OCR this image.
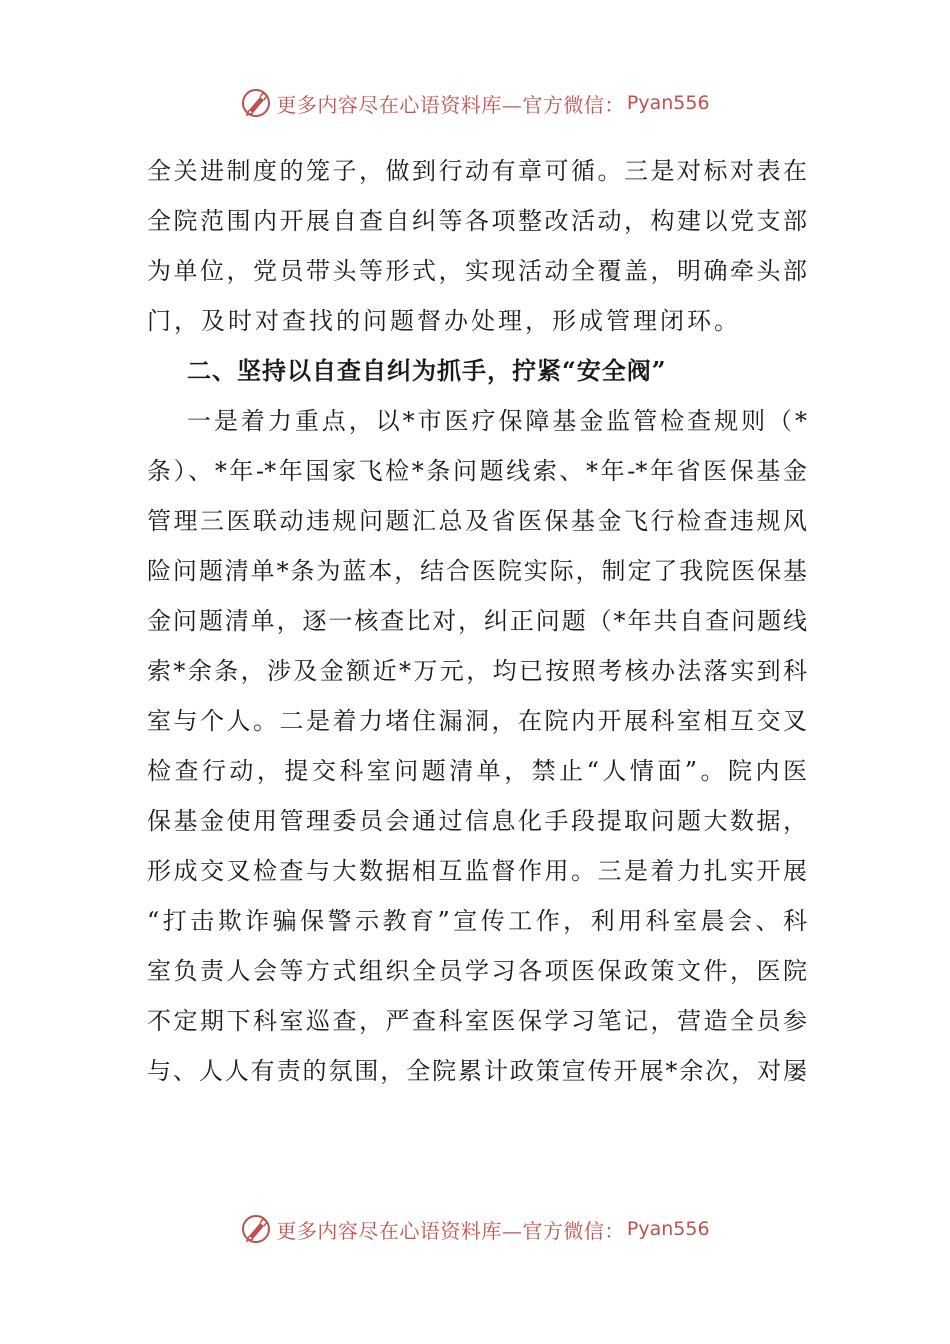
更多内容尽在心语资料库—官方微信： Pyan556
全关进制度的笼子，做到行动有章可循。三是对标对表在
全院范围内开展自查自纠等各项整改活动，构建以党支部
为单位，党员带头等形式，实现活动全覆盖，明确牵头部
门，及时对查找的问题督办处理，形成管理闭环。
二、坚持以自查自纠为抓手，拧紧“安全阀”
一是着力重点，以*市医疗保障基金监管检查规则（*
条）、*年-*年国家飞检*条问题线索、*年-*年省医保基金
管理三医联动违规问题汇总及省医保基金飞行检查违规风
险问题清单*条为蓝本，结合医院实际，制定了我院医保基
金问题清单，逐一核查比对，纠正问题（*年共自查问题线
索*余条，涉及金额近*万元，均已按照考核办法落实到科
室与个人。二是着力堵住漏洞，在院内开展科室相互交叉
检查行动，提交科室问题清单，禁止“人情面”。院内医
保基金使用管理委员会通过信息化手段提取问题大数据，
形成交叉检查与大数据相互监督作用。三是着力扎实开展
“打击欺诈骗保警示教育”宣传工作，利用科室晨会、科
室负责人会等方式组织全员学习各项医保政策文件，医院
不定期下科室巡查，严查科室医保学习笔记，营造全员参
与、人人有责的氛围，全院累计政策宣传开展*余次，对屡
更多内容尽在心语资料库—官方微信： Pyan556
